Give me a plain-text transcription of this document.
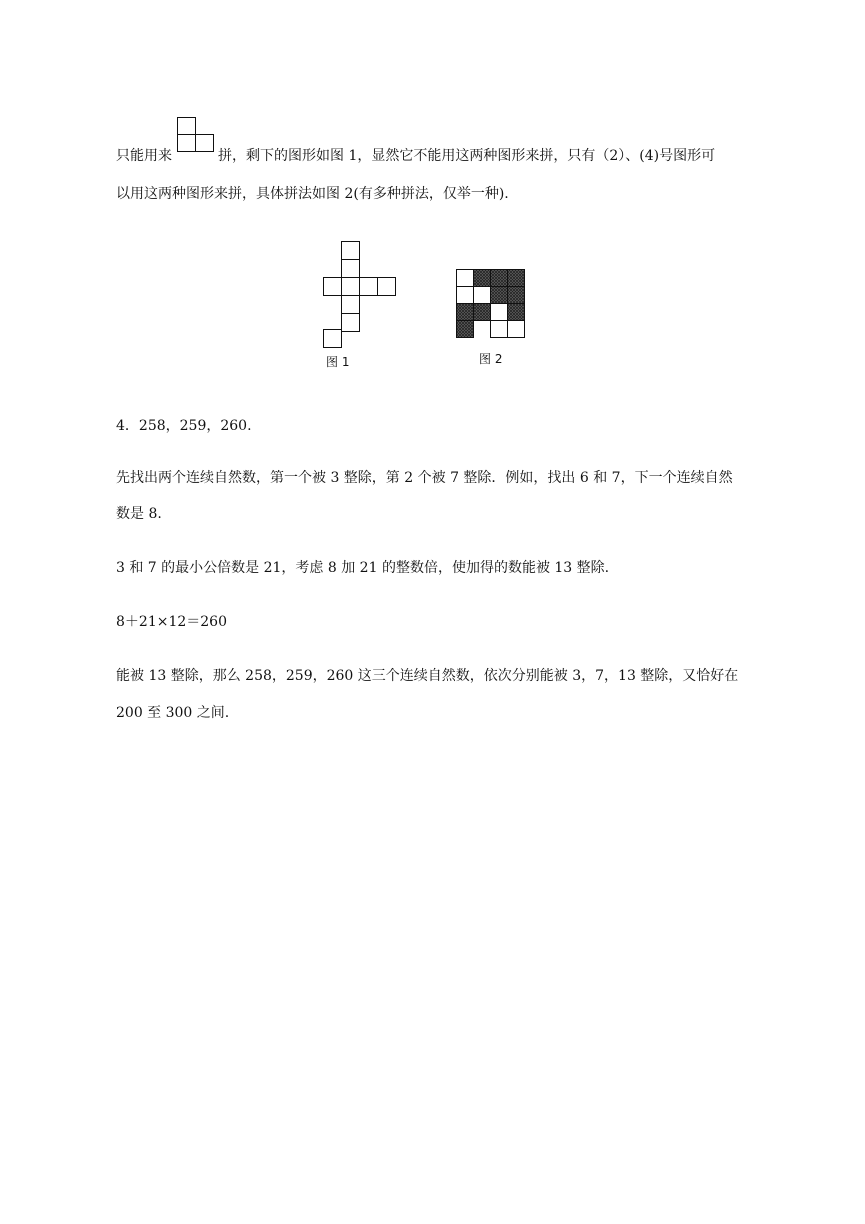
只能用来	拼，剩下的图形如图 1，显然它不能用这两种图形来拼，只有（2）、(4)号图形可
以用这两种图形来拼，具体拼法如图 2(有多种拼法，仅举一种).
图 1	图 2
4．258，259，260.
先找出两个连续自然数，第一个被 3 整除，第 2 个被 7 整除．例如，找出 6 和 7，下一个连续自然
数是 8.
3 和 7 的最小公倍数是 21，考虑 8 加 21 的整数倍，使加得的数能被 13 整除.
8＋21×12＝260
能被 13 整除，那么 258，259，260 这三个连续自然数，依次分别能被 3，7，13 整除，又恰好在
200 至 300 之间.
